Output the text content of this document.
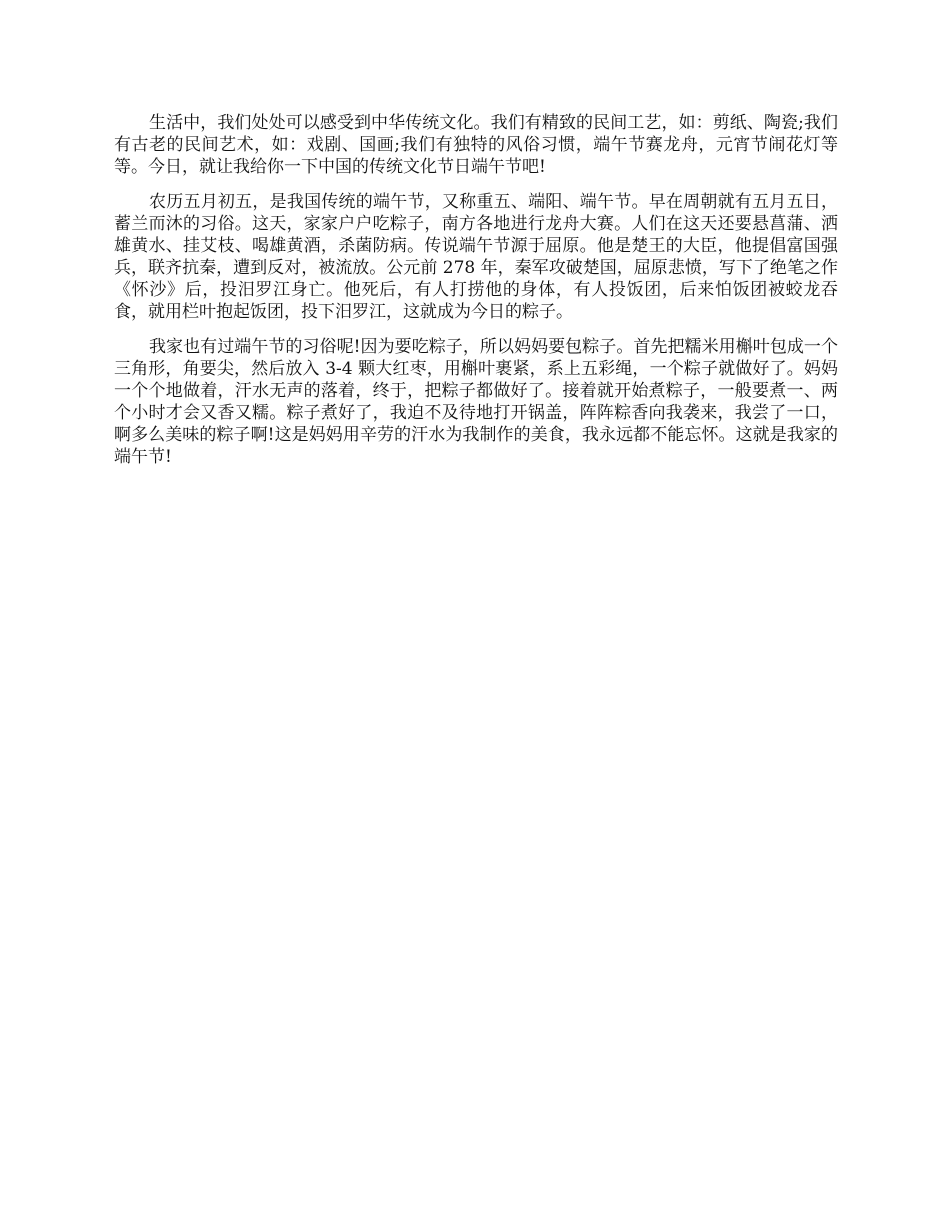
生活中，我们处处可以感受到中华传统文化。我们有精致的民间工艺，如：剪纸、陶瓷;我们有古老的民间艺术，如：戏剧、国画;我们有独特的风俗习惯，端午节赛龙舟，元宵节闹花灯等等。今日，就让我给你一下中国的传统文化节日端午节吧!

农历五月初五，是我国传统的端午节，又称重五、端阳、端午节。早在周朝就有五月五日，蓄兰而沐的习俗。这天，家家户户吃粽子，南方各地进行龙舟大赛。人们在这天还要悬菖蒲、洒雄黄水、挂艾枝、喝雄黄酒，杀菌防病。传说端午节源于屈原。他是楚王的大臣，他提倡富国强兵，联齐抗秦，遭到反对，被流放。公元前 278 年，秦军攻破楚国，屈原悲愤，写下了绝笔之作《怀沙》后，投汨罗江身亡。他死后，有人打捞他的身体，有人投饭团，后来怕饭团被蛟龙吞食，就用栏叶抱起饭团，投下汨罗江，这就成为今日的粽子。

我家也有过端午节的习俗呢!因为要吃粽子，所以妈妈要包粽子。首先把糯米用槲叶包成一个三角形，角要尖，然后放入 3-4 颗大红枣，用槲叶裹紧，系上五彩绳，一个粽子就做好了。妈妈一个个地做着，汗水无声的落着，终于，把粽子都做好了。接着就开始煮粽子，一般要煮一、两个小时才会又香又糯。粽子煮好了，我迫不及待地打开锅盖，阵阵粽香向我袭来，我尝了一口，啊多么美味的粽子啊!这是妈妈用辛劳的汗水为我制作的美食，我永远都不能忘怀。这就是我家的端午节!
